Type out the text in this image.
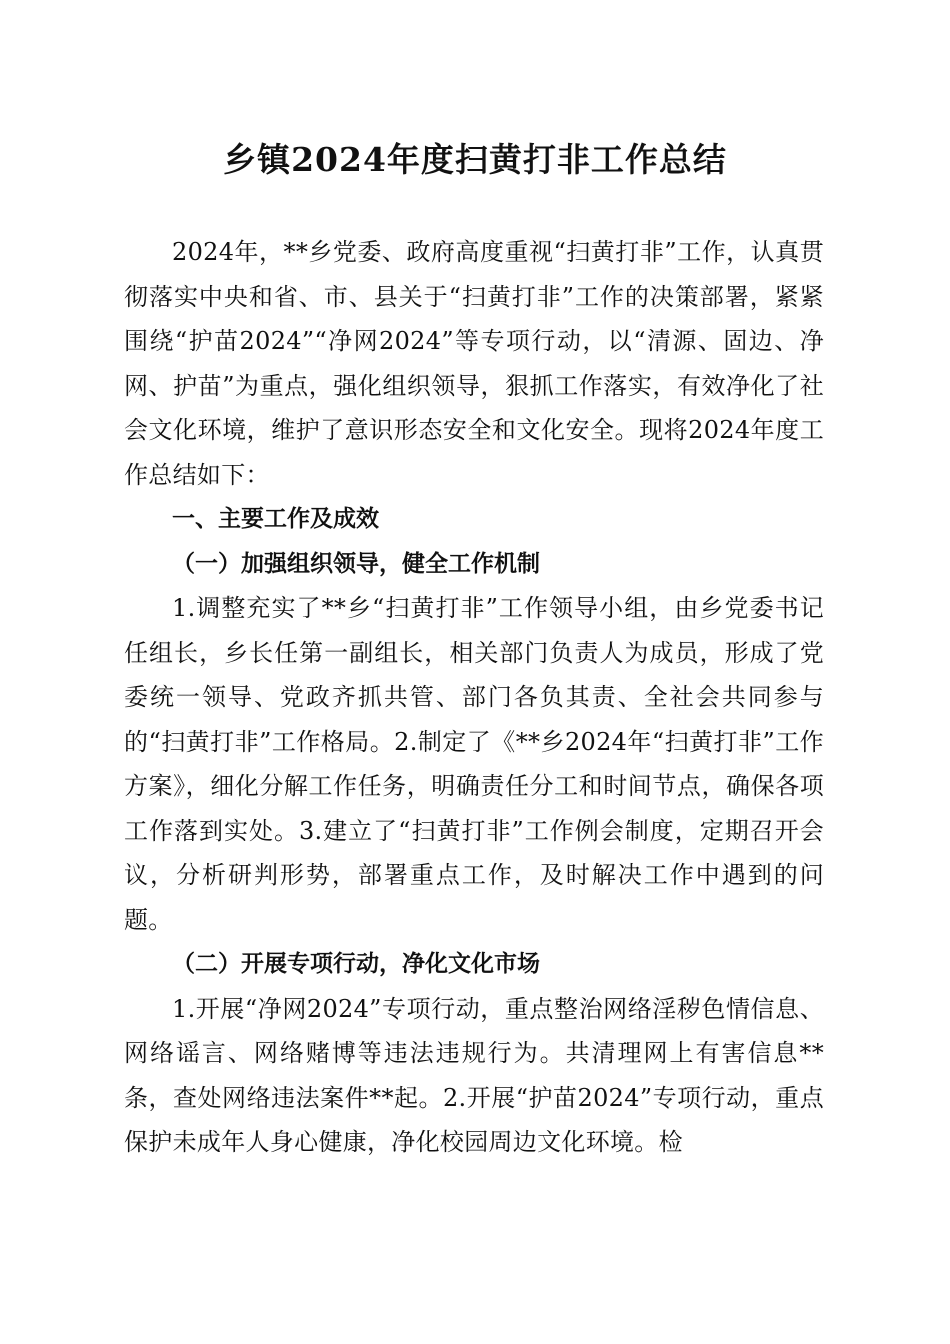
乡镇2024年度扫黄打非工作总结

2024年，**乡党委、政府高度重视“扫黄打非”工作，认真贯彻落实中央和省、市、县关于“扫黄打非”工作的决策部署，紧紧围绕“护苗2024”“净网2024”等专项行动，以“清源、固边、净网、护苗”为重点，强化组织领导，狠抓工作落实，有效净化了社会文化环境，维护了意识形态安全和文化安全。现将2024年度工作总结如下：

一、主要工作及成效

（一）加强组织领导，健全工作机制

1.调整充实了**乡“扫黄打非”工作领导小组，由乡党委书记任组长，乡长任第一副组长，相关部门负责人为成员，形成了党委统一领导、党政齐抓共管、部门各负其责、全社会共同参与的“扫黄打非”工作格局。2.制定了《**乡2024年“扫黄打非”工作方案》，细化分解工作任务，明确责任分工和时间节点，确保各项工作落到实处。3.建立了“扫黄打非”工作例会制度，定期召开会议，分析研判形势，部署重点工作，及时解决工作中遇到的问题。

（二）开展专项行动，净化文化市场

1.开展“净网2024”专项行动，重点整治网络淫秽色情信息、网络谣言、网络赌博等违法违规行为。共清理网上有害信息**条，查处网络违法案件**起。2.开展“护苗2024”专项行动，重点保护未成年人身心健康，净化校园周边文化环境。检
